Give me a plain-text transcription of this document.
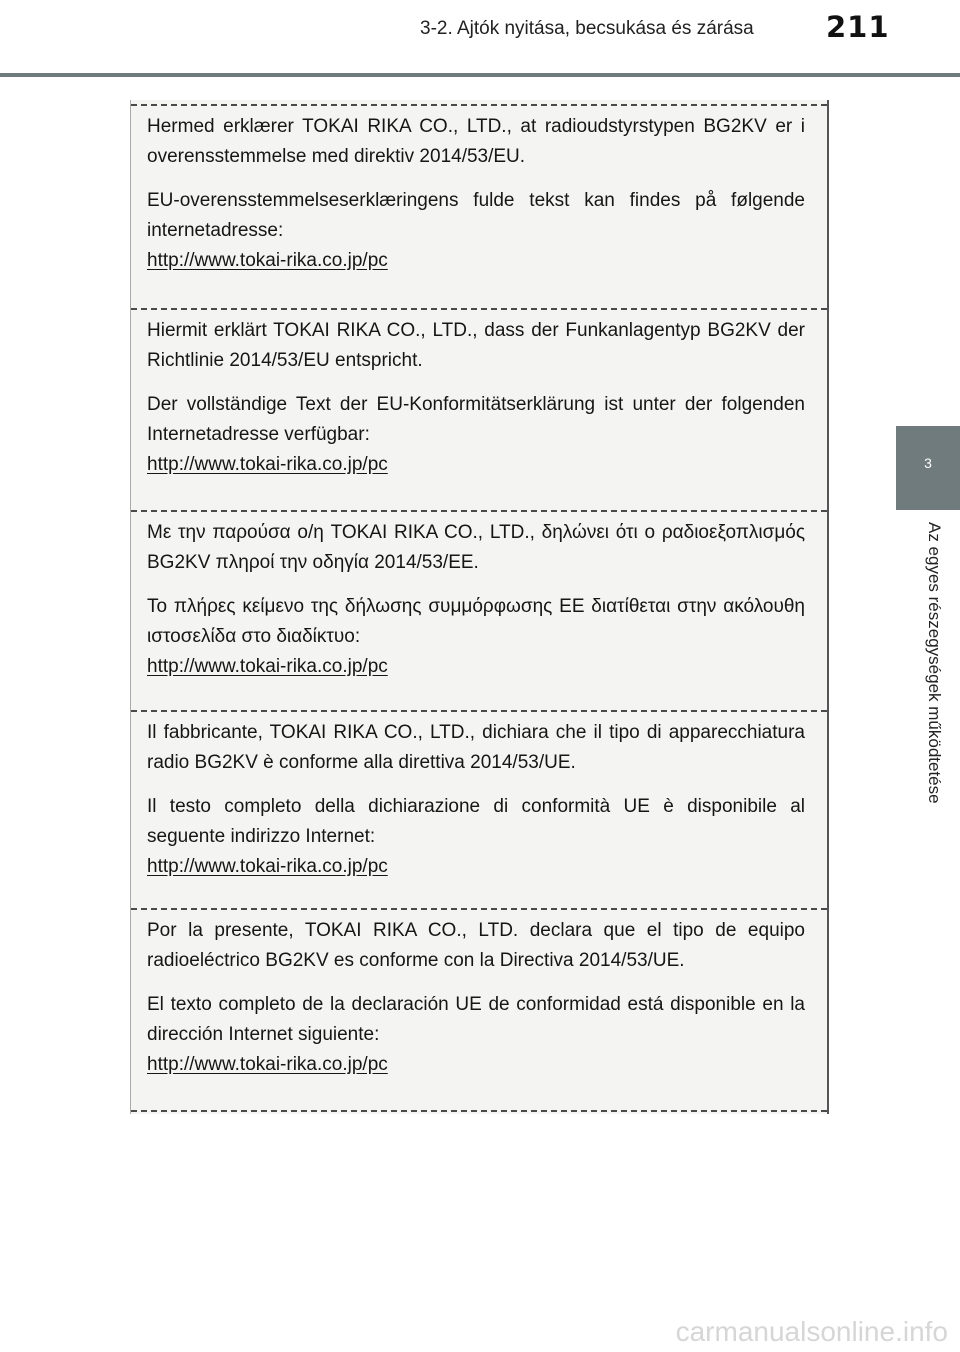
3-2. Ajtók nyitása, becsukása és zárása 211
3
Az egyes részegységek működtetése

Hermed erklærer TOKAI RIKA CO., LTD., at radioudstyrstypen BG2KV er i overensstemmelse med direktiv 2014/53/EU.

EU-overensstemmelseserklæringens fulde tekst kan findes på følgende internetadresse:

http://www.tokai-rika.co.jp/pc

Hiermit erklärt TOKAI RIKA CO., LTD., dass der Funkanlagentyp BG2KV der Richtlinie 2014/53/EU entspricht.

Der vollständige Text der EU-Konformitätserklärung ist unter der folgenden Internetadresse verfügbar:

http://www.tokai-rika.co.jp/pc

Με την παρούσα ο/η TOKAI RIKA CO., LTD., δηλώνει ότι ο ραδιοεξοπλισμός BG2KV πληροί την οδηγία 2014/53/ΕΕ.

Το πλήρες κείμενο της δήλωσης συμμόρφωσης ΕΕ διατίθεται στην ακόλουθη ιστοσελίδα στο διαδίκτυο:

http://www.tokai-rika.co.jp/pc

Il fabbricante, TOKAI RIKA CO., LTD., dichiara che il tipo di apparecchiatura radio BG2KV è conforme alla direttiva 2014/53/UE.

Il testo completo della dichiarazione di conformità UE è disponibile al seguente indirizzo Internet:

http://www.tokai-rika.co.jp/pc

Por la presente, TOKAI RIKA CO., LTD. declara que el tipo de equipo radioeléctrico BG2KV es conforme con la Directiva 2014/53/UE.

El texto completo de la declaración UE de conformidad está disponible en la dirección Internet siguiente:

http://www.tokai-rika.co.jp/pc
carmanualsonline.info
